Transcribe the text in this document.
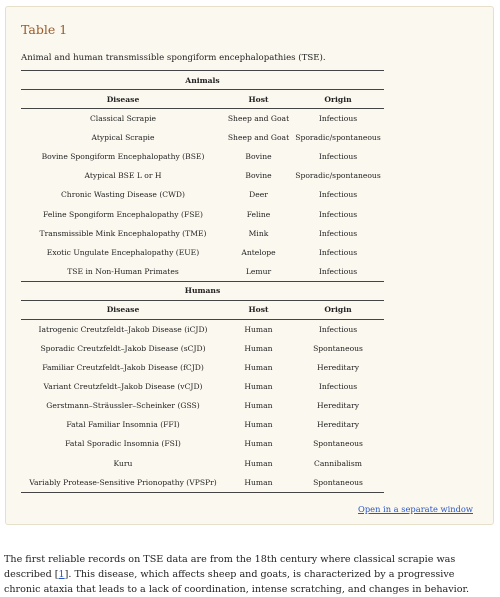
Table 1
Animal and human transmissible spongiform encephalopathies (TSE).
Animals		
Disease	Host	Origin
Classical Scrapie	Sheep and Goat	Infectious
Atypical Scrapie	Sheep and Goat	Sporadic/spontaneous
Bovine Spongiform Encephalopathy (BSE)	Bovine	Infectious
Atypical BSE L or H	Bovine	Sporadic/spontaneous
Chronic Wasting Disease (CWD)	Deer	Infectious
Feline Spongiform Encephalopathy (FSE)	Feline	Infectious
Transmissible Mink Encephalopathy (TME)	Mink	Infectious
Exotic Ungulate Encephalopathy (EUE)	Antelope	Infectious
TSE in Non-Human Primates	Lemur	Infectious
Humans		
Disease	Host	Origin
Iatrogenic Creutzfeldt–Jakob Disease (iCJD)	Human	Infectious
Sporadic Creutzfeldt–Jakob Disease (sCJD)	Human	Spontaneous
Familiar Creutzfeldt–Jakob Disease (fCJD)	Human	Hereditary
Variant Creutzfeldt–Jakob Disease (vCJD)	Human	Infectious
Gerstmann–Sträussler–Scheinker (GSS)	Human	Hereditary
Fatal Familiar Insomnia (FFI)	Human	Hereditary
Fatal Sporadic Insomnia (FSI)	Human	Spontaneous
Kuru	Human	Cannibalism
Variably Protease-Sensitive Prionopathy (VPSPr)	Human	Spontaneous
Open in a separate window

The first reliable records on TSE data are from the 18th century where classical scrapie was described [1]. This disease, which affects sheep and goats, is characterized by a progressive chronic ataxia that leads to a lack of coordination, intense scratching, and changes in behavior.
